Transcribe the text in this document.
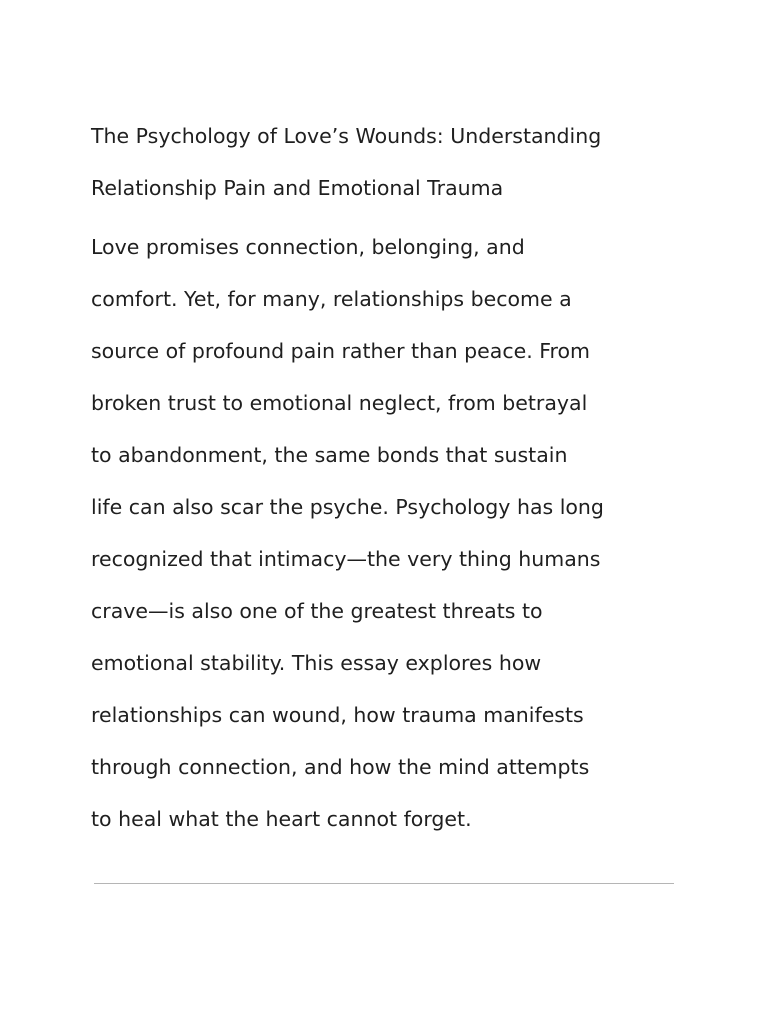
The Psychology of Love’s Wounds: Understanding
Relationship Pain and Emotional Trauma

Love promises connection, belonging, and
comfort. Yet, for many, relationships become a
source of profound pain rather than peace. From
broken trust to emotional neglect, from betrayal
to abandonment, the same bonds that sustain
life can also scar the psyche. Psychology has long
recognized that intimacy—the very thing humans
crave—is also one of the greatest threats to
emotional stability. This essay explores how
relationships can wound, how trauma manifests
through connection, and how the mind attempts
to heal what the heart cannot forget.
